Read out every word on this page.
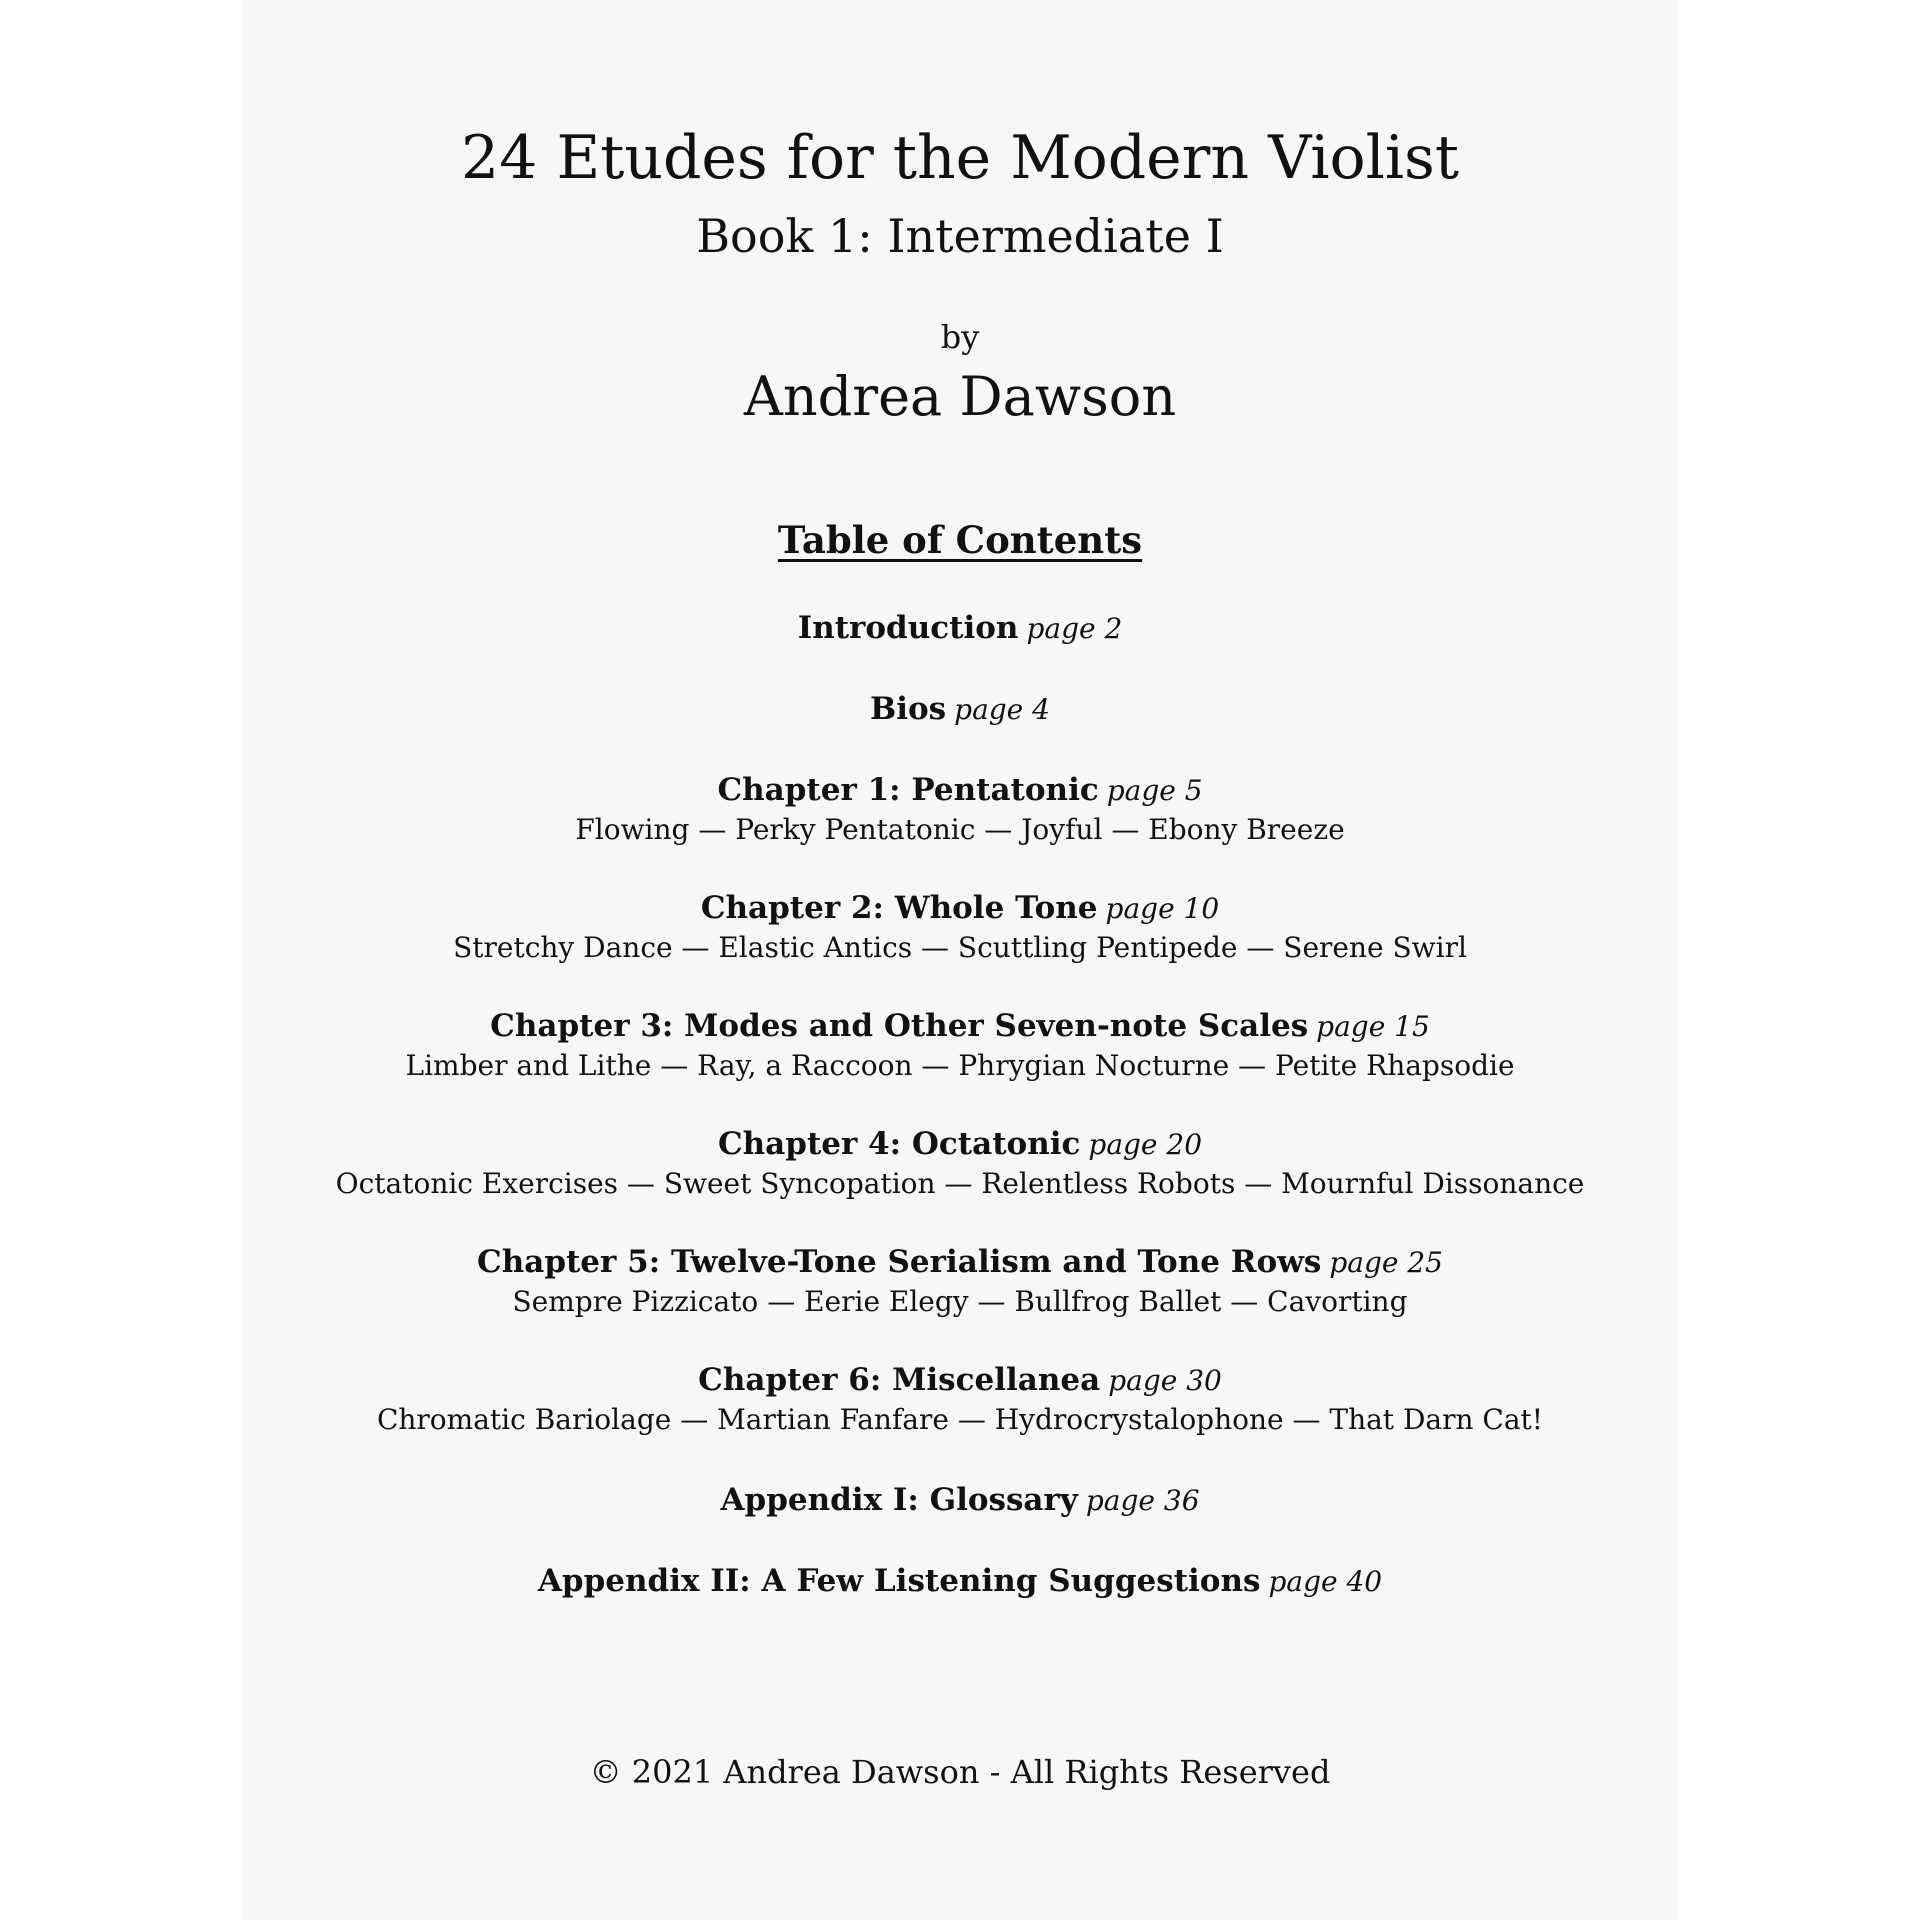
24 Etudes for the Modern Violist
Book 1: Intermediate I
by
Andrea Dawson
Table of Contents
Introduction page 2
Bios page 4
Chapter 1: Pentatonic page 5
Flowing — Perky Pentatonic — Joyful — Ebony Breeze
Chapter 2: Whole Tone page 10
Stretchy Dance — Elastic Antics — Scuttling Pentipede — Serene Swirl
Chapter 3: Modes and Other Seven-note Scales page 15
Limber and Lithe — Ray, a Raccoon — Phrygian Nocturne — Petite Rhapsodie
Chapter 4: Octatonic page 20
Octatonic Exercises — Sweet Syncopation — Relentless Robots — Mournful Dissonance
Chapter 5: Twelve-Tone Serialism and Tone Rows page 25
Sempre Pizzicato — Eerie Elegy — Bullfrog Ballet — Cavorting
Chapter 6: Miscellanea page 30
Chromatic Bariolage — Martian Fanfare — Hydrocrystalophone — That Darn Cat!
Appendix I: Glossary page 36
Appendix II: A Few Listening Suggestions page 40
© 2021 Andrea Dawson - All Rights Reserved
